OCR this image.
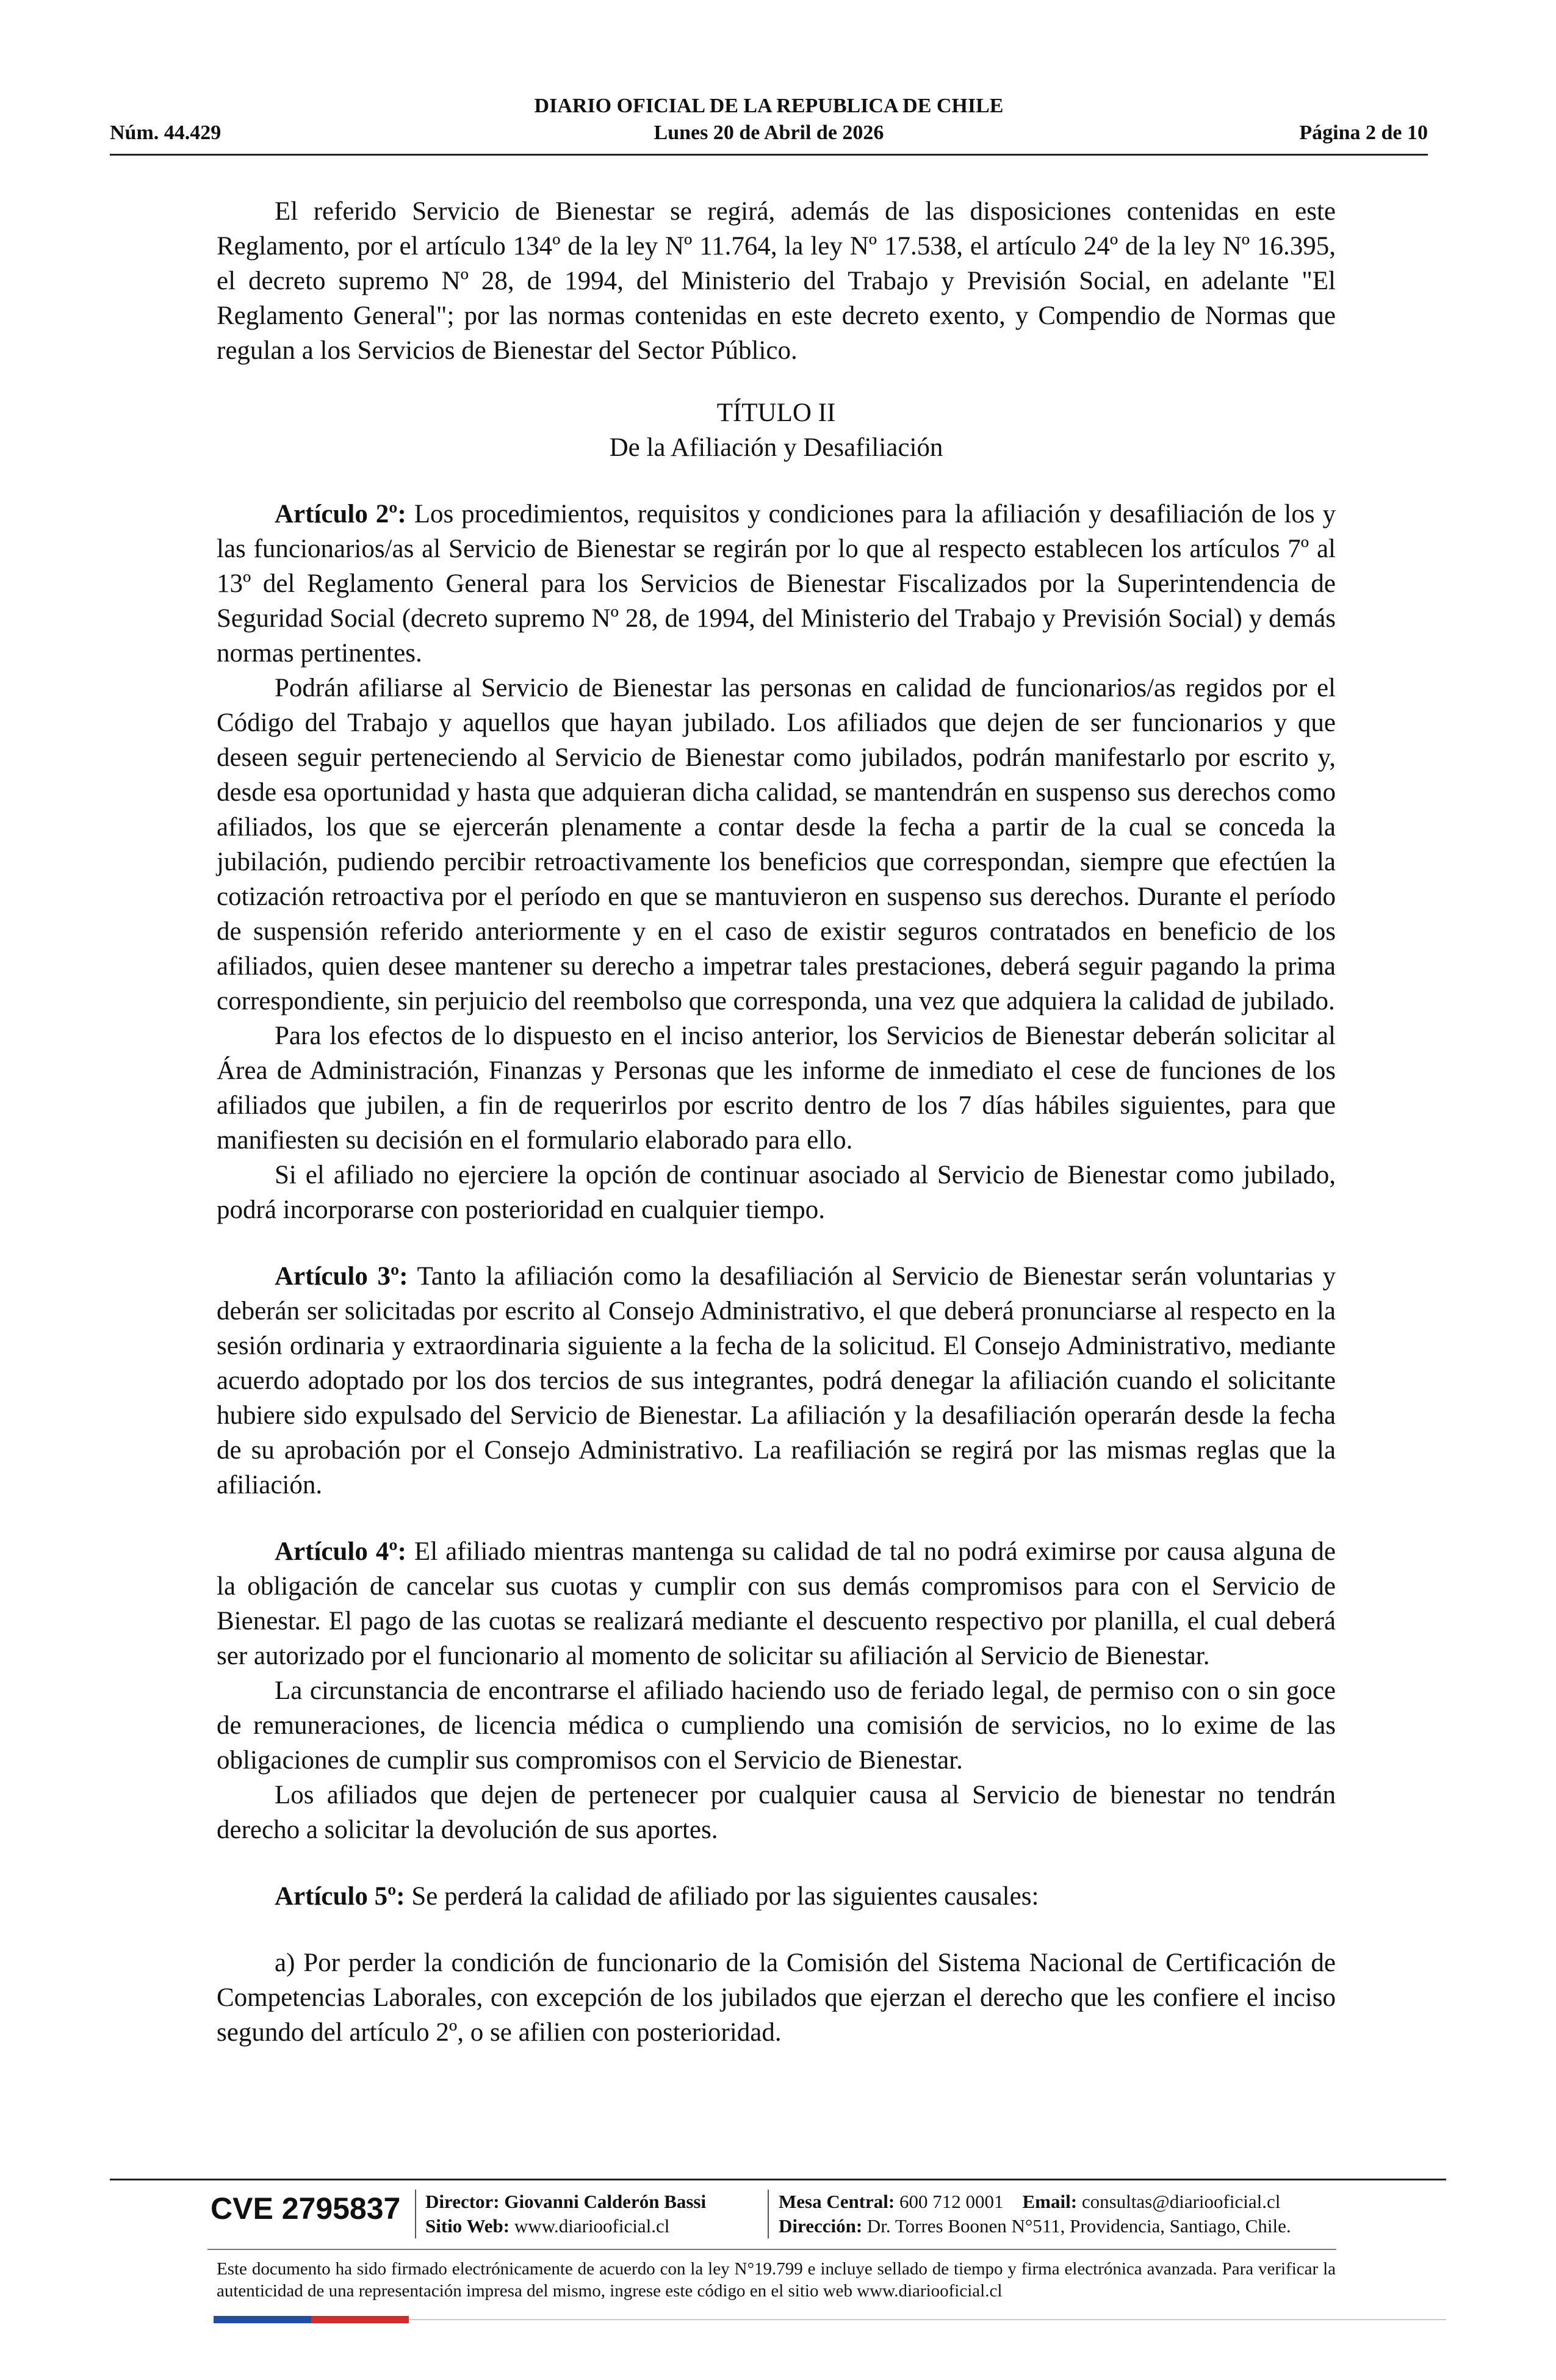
DIARIO OFICIAL DE LA REPUBLICA DE CHILE
Núm. 44.429	Lunes 20 de Abril de 2026	Página 2 de 10

El referido Servicio de Bienestar se regirá, además de las disposiciones contenidas en este Reglamento, por el artículo 134º de la ley Nº 11.764, la ley Nº 17.538, el artículo 24º de la ley Nº 16.395, el decreto supremo Nº 28, de 1994, del Ministerio del Trabajo y Previsión Social, en adelante "El Reglamento General"; por las normas contenidas en este decreto exento, y Compendio de Normas que regulan a los Servicios de Bienestar del Sector Público.

TÍTULO II

De la Afiliación y Desafiliación

Artículo 2º: Los procedimientos, requisitos y condiciones para la afiliación y desafiliación de los y las funcionarios/as al Servicio de Bienestar se regirán por lo que al respecto establecen los artículos 7º al 13º del Reglamento General para los Servicios de Bienestar Fiscalizados por la Superintendencia de Seguridad Social (decreto supremo Nº 28, de 1994, del Ministerio del Trabajo y Previsión Social) y demás normas pertinentes.

Podrán afiliarse al Servicio de Bienestar las personas en calidad de funcionarios/as regidos por el Código del Trabajo y aquellos que hayan jubilado. Los afiliados que dejen de ser funcionarios y que deseen seguir perteneciendo al Servicio de Bienestar como jubilados, podrán manifestarlo por escrito y, desde esa oportunidad y hasta que adquieran dicha calidad, se mantendrán en suspenso sus derechos como afiliados, los que se ejercerán plenamente a contar desde la fecha a partir de la cual se conceda la jubilación, pudiendo percibir retroactivamente los beneficios que correspondan, siempre que efectúen la cotización retroactiva por el período en que se mantuvieron en suspenso sus derechos. Durante el período de suspensión referido anteriormente y en el caso de existir seguros contratados en beneficio de los afiliados, quien desee mantener su derecho a impetrar tales prestaciones, deberá seguir pagando la prima correspondiente, sin perjuicio del reembolso que corresponda, una vez que adquiera la calidad de jubilado.

Para los efectos de lo dispuesto en el inciso anterior, los Servicios de Bienestar deberán solicitar al Área de Administración, Finanzas y Personas que les informe de inmediato el cese de funciones de los afiliados que jubilen, a fin de requerirlos por escrito dentro de los 7 días hábiles siguientes, para que manifiesten su decisión en el formulario elaborado para ello.

Si el afiliado no ejerciere la opción de continuar asociado al Servicio de Bienestar como jubilado, podrá incorporarse con posterioridad en cualquier tiempo.

Artículo 3º: Tanto la afiliación como la desafiliación al Servicio de Bienestar serán voluntarias y deberán ser solicitadas por escrito al Consejo Administrativo, el que deberá pronunciarse al respecto en la sesión ordinaria y extraordinaria siguiente a la fecha de la solicitud. El Consejo Administrativo, mediante acuerdo adoptado por los dos tercios de sus integrantes, podrá denegar la afiliación cuando el solicitante hubiere sido expulsado del Servicio de Bienestar. La afiliación y la desafiliación operarán desde la fecha de su aprobación por el Consejo Administrativo. La reafiliación se regirá por las mismas reglas que la afiliación.

Artículo 4º: El afiliado mientras mantenga su calidad de tal no podrá eximirse por causa alguna de la obligación de cancelar sus cuotas y cumplir con sus demás compromisos para con el Servicio de Bienestar. El pago de las cuotas se realizará mediante el descuento respectivo por planilla, el cual deberá ser autorizado por el funcionario al momento de solicitar su afiliación al Servicio de Bienestar.

La circunstancia de encontrarse el afiliado haciendo uso de feriado legal, de permiso con o sin goce de remuneraciones, de licencia médica o cumpliendo una comisión de servicios, no lo exime de las obligaciones de cumplir sus compromisos con el Servicio de Bienestar.

Los afiliados que dejen de pertenecer por cualquier causa al Servicio de bienestar no tendrán derecho a solicitar la devolución de sus aportes.

Artículo 5º: Se perderá la calidad de afiliado por las siguientes causales:

a) Por perder la condición de funcionario de la Comisión del Sistema Nacional de Certificación de Competencias Laborales, con excepción de los jubilados que ejerzan el derecho que les confiere el inciso segundo del artículo 2º, o se afilien con posterioridad.

CVE 2795837 Director: Giovanni Calderón Bassi
Sitio Web: www.diariooficial.cl
Mesa Central: 600 712 0001 Email: consultas@diariooficial.cl
Dirección: Dr. Torres Boonen N°511, Providencia, Santiago, Chile.
Este documento ha sido firmado electrónicamente de acuerdo con la ley N°19.799 e incluye sellado de tiempo y firma electrónica avanzada. Para verificar la autenticidad de una representación impresa del mismo, ingrese este código en el sitio web www.diariooficial.cl
